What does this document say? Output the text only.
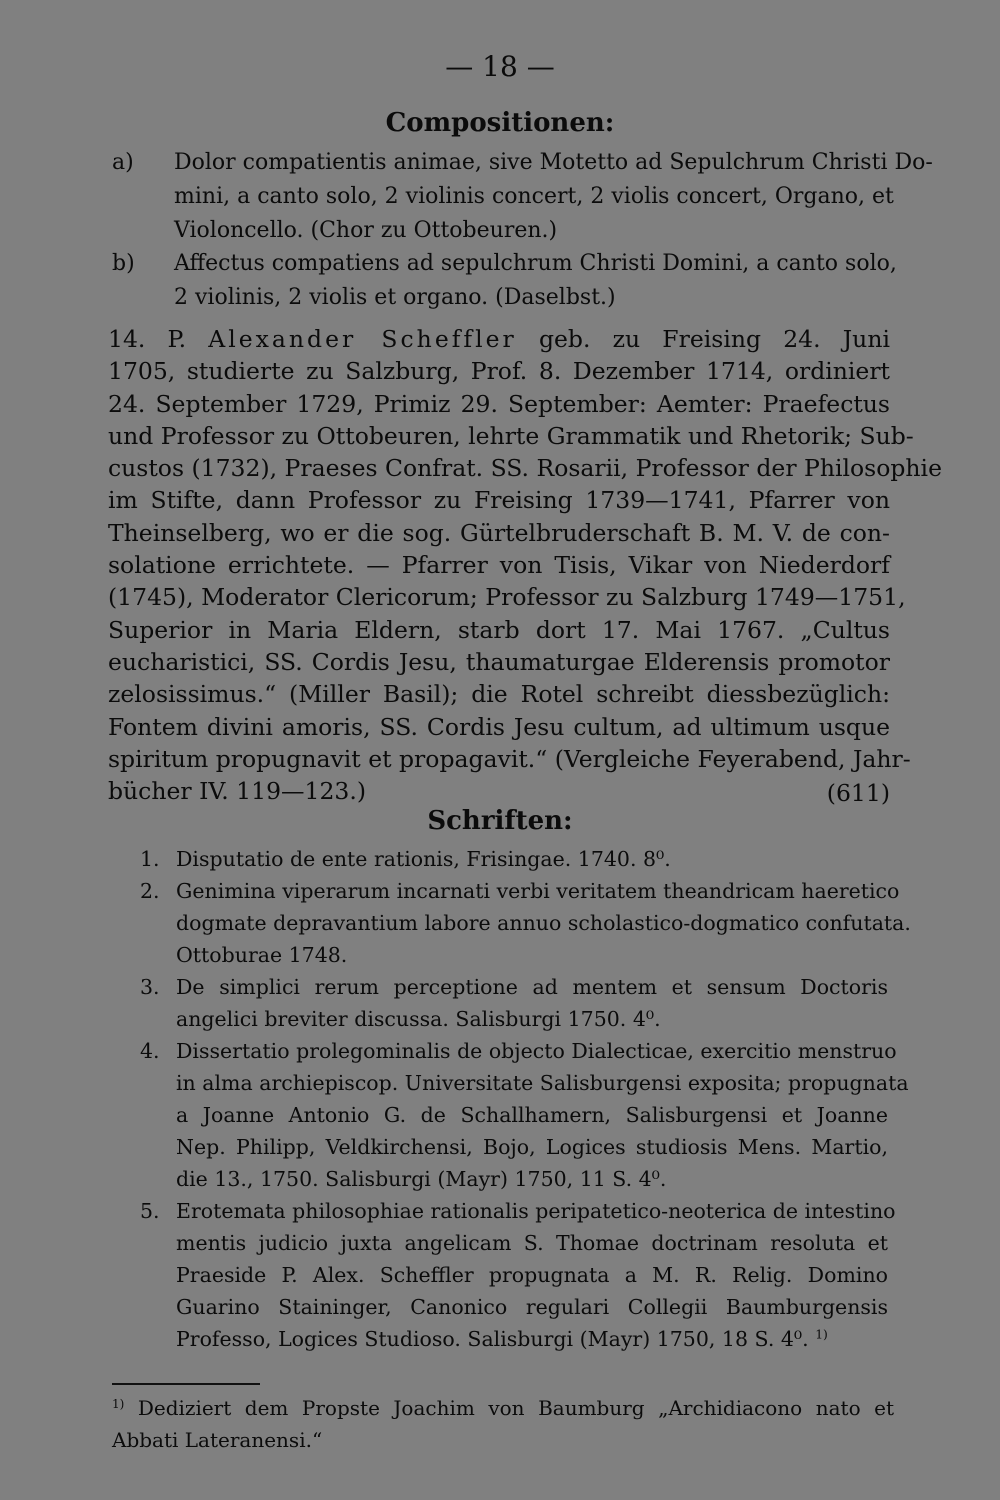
— 18 —
Compositionen:
a)	Dolor compatientis animae, sive Motetto ad Sepulchrum Christi Do-
mini, a canto solo, 2 violinis concert, 2 violis concert, Organo, et
Violoncello. (Chor zu Ottobeuren.)
b)	Affectus compatiens ad sepulchrum Christi Domini, a canto solo,
2 violinis, 2 violis et organo. (Daselbst.)
14. P. Alexander Scheffler geb. zu Freising 24. Juni
1705, studierte zu Salzburg, Prof. 8. Dezember 1714, ordiniert
24. September 1729, Primiz 29. September: Aemter: Praefectus
und Professor zu Ottobeuren, lehrte Grammatik und Rhetorik; Sub-
custos (1732), Praeses Confrat. SS. Rosarii, Professor der Philosophie
im Stifte, dann Professor zu Freising 1739—1741, Pfarrer von
Theinselberg, wo er die sog. Gürtelbruderschaft B. M. V. de con-
solatione errichtete. — Pfarrer von Tisis, Vikar von Niederdorf
(1745), Moderator Clericorum; Professor zu Salzburg 1749—1751,
Superior in Maria Eldern, starb dort 17. Mai 1767. „Cultus
eucharistici, SS. Cordis Jesu, thaumaturgae Elderensis promotor
zelosissimus.“ (Miller Basil); die Rotel schreibt diessbezüglich:
Fontem divini amoris, SS. Cordis Jesu cultum, ad ultimum usque
spiritum propugnavit et propagavit.“ (Vergleiche Feyerabend, Jahr-
bücher IV. 119—123.)	(611)
Schriften:
1. Disputatio de ente rationis, Frisingae. 1740. 8⁰.
2. Genimina viperarum incarnati verbi veritatem theandricam haeretico
dogmate depravantium labore annuo scholastico-dogmatico confutata.
Ottoburae 1748.
3. De simplici rerum perceptione ad mentem et sensum Doctoris
angelici breviter discussa. Salisburgi 1750. 4⁰.
4. Dissertatio prolegominalis de objecto Dialecticae, exercitio menstruo
in alma archiepiscop. Universitate Salisburgensi exposita; propugnata
a Joanne Antonio G. de Schallhamern, Salisburgensi et Joanne
Nep. Philipp, Veldkirchensi, Bojo, Logices studiosis Mens. Martio,
die 13., 1750. Salisburgi (Mayr) 1750, 11 S. 4⁰.
5. Erotemata philosophiae rationalis peripatetico-neoterica de intestino
mentis judicio juxta angelicam S. Thomae doctrinam resoluta et
Praeside P. Alex. Scheffler propugnata a M. R. Relig. Domino
Guarino Staininger, Canonico regulari Collegii Baumburgensis
Professo, Logices Studioso. Salisburgi (Mayr) 1750, 18 S. 4⁰. $^{1)}$
$^{1)}$ Dediziert dem Propste Joachim von Baumburg „Archidiacono nato et
Abbati Lateranensi.“
